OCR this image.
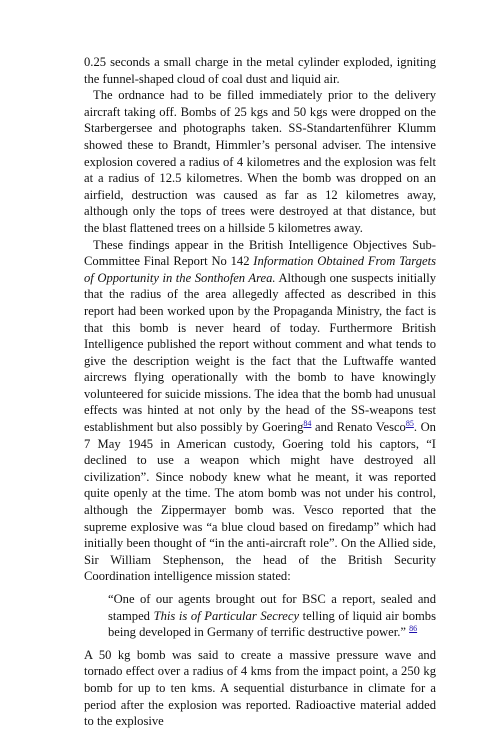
0.25 seconds a small charge in the metal cylinder exploded, igniting the funnel-shaped cloud of coal dust and liquid air.

The ordnance had to be filled immediately prior to the delivery aircraft taking off. Bombs of 25 kgs and 50 kgs were dropped on the Starbergersee and photographs taken. SS-Standartenführer Klumm showed these to Brandt, Himmler’s personal adviser. The intensive explosion covered a radius of 4 kilometres and the explosion was felt at a radius of 12.5 kilometres. When the bomb was dropped on an airfield, destruction was caused as far as 12 kilometres away, although only the tops of trees were destroyed at that distance, but the blast flattened trees on a hillside 5 kilometres away.

These findings appear in the British Intelligence Objectives Sub-Committee Final Report No 142 Information Obtained From Targets of Opportunity in the Sonthofen Area. Although one suspects initially that the radius of the area allegedly affected as described in this report had been worked upon by the Propaganda Ministry, the fact is that this bomb is never heard of today. Furthermore British Intelligence published the report without comment and what tends to give the description weight is the fact that the Luftwaffe wanted aircrews flying operationally with the bomb to have knowingly volunteered for suicide missions. The idea that the bomb had unusual effects was hinted at not only by the head of the SS-weapons test establishment but also possibly by Goering$^{84}$ and Renato Vesco$^{85}$. On 7 May 1945 in American custody, Goering told his captors, “I declined to use a weapon which might have destroyed all civilization”. Since nobody knew what he meant, it was reported quite openly at the time. The atom bomb was not under his control, although the Zippermayer bomb was. Vesco reported that the supreme explosive was “a blue cloud based on firedamp” which had initially been thought of “in the anti-aircraft role”. On the Allied side, Sir William Stephenson, the head of the British Security Coordination intelligence mission stated:

“One of our agents brought out for BSC a report, sealed and stamped This is of Particular Secrecy telling of liquid air bombs being developed in Germany of terrific destructive power.” $^{86}$

A 50 kg bomb was said to create a massive pressure wave and tornado effect over a radius of 4 kms from the impact point, a 250 kg bomb for up to ten kms. A sequential disturbance in climate for a period after the explosion was reported. Radioactive material added to the explosive
